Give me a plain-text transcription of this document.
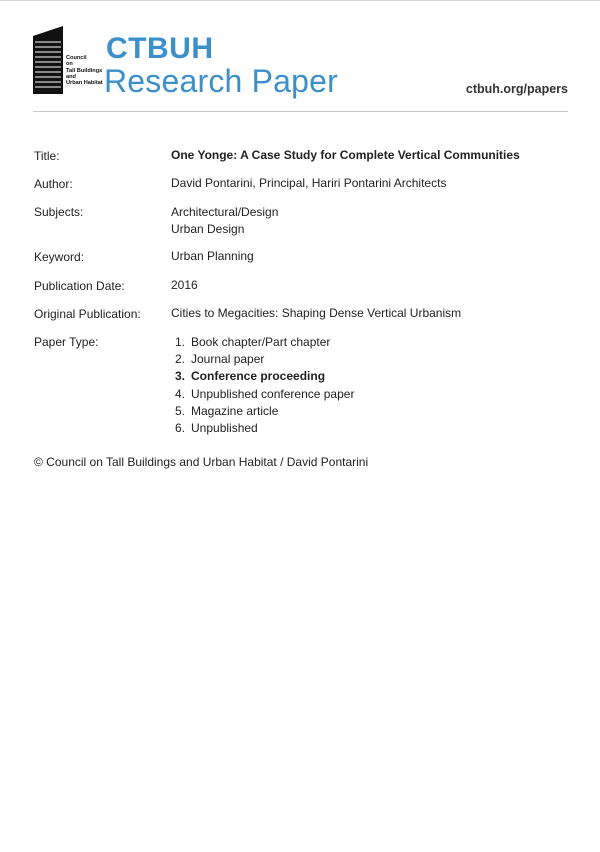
Council
on
Tall Buildings
and
Urban Habitat
CTBUH
Research Paper	ctbuh.org/papers
Title:	One Yonge: A Case Study for Complete Vertical Communities
Author:	David Pontarini, Principal, Hariri Pontarini Architects
Subjects:	Architectural/Design
Urban Design
Keyword:	Urban Planning
Publication Date:	2016
Original Publication:	Cities to Megacities: Shaping Dense Vertical Urbanism
Paper Type:	1. Book chapter/Part chapter
2. Journal paper
3. Conference proceeding
4. Unpublished conference paper
5. Magazine article
6. Unpublished
© Council on Tall Buildings and Urban Habitat / David Pontarini
